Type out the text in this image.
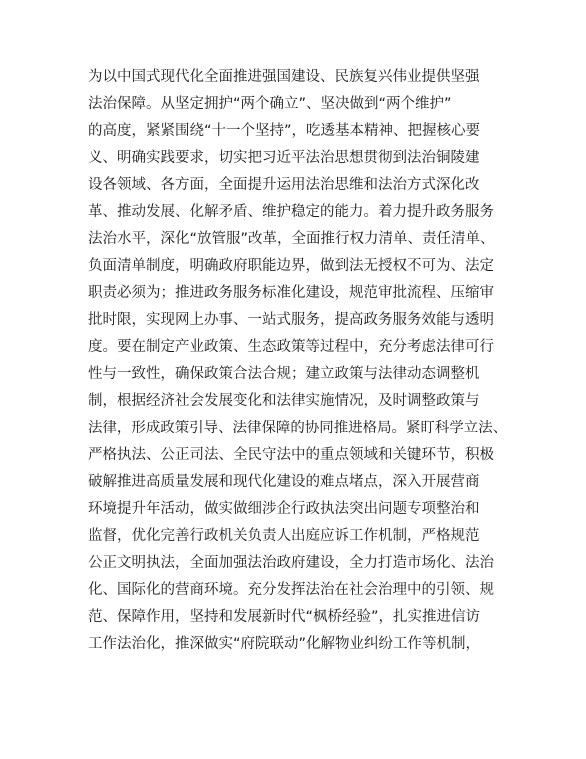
为以中国式现代化全面推进强国建设、民族复兴伟业提供坚强
法治保障。从坚定拥护“两个确立”、坚决做到“两个维护”
的高度，紧紧围绕“十一个坚持”，吃透基本精神、把握核心要
义、明确实践要求，切实把习近平法治思想贯彻到法治铜陵建
设各领域、各方面，全面提升运用法治思维和法治方式深化改
革、推动发展、化解矛盾、维护稳定的能力。着力提升政务服务
法治水平，深化“放管服”改革，全面推行权力清单、责任清单、
负面清单制度，明确政府职能边界，做到法无授权不可为、法定
职责必须为；推进政务服务标准化建设，规范审批流程、压缩审
批时限，实现网上办事、一站式服务，提高政务服务效能与透明
度。要在制定产业政策、生态政策等过程中，充分考虑法律可行
性与一致性，确保政策合法合规；建立政策与法律动态调整机
制，根据经济社会发展变化和法律实施情况，及时调整政策与
法律，形成政策引导、法律保障的协同推进格局。紧盯科学立法、
严格执法、公正司法、全民守法中的重点领域和关键环节，积极
破解推进高质量发展和现代化建设的难点堵点，深入开展营商
环境提升年活动，做实做细涉企行政执法突出问题专项整治和
监督，优化完善行政机关负责人出庭应诉工作机制，严格规范
公正文明执法，全面加强法治政府建设，全力打造市场化、法治
化、国际化的营商环境。充分发挥法治在社会治理中的引领、规
范、保障作用，坚持和发展新时代“枫桥经验”，扎实推进信访
工作法治化，推深做实“府院联动”化解物业纠纷工作等机制，
